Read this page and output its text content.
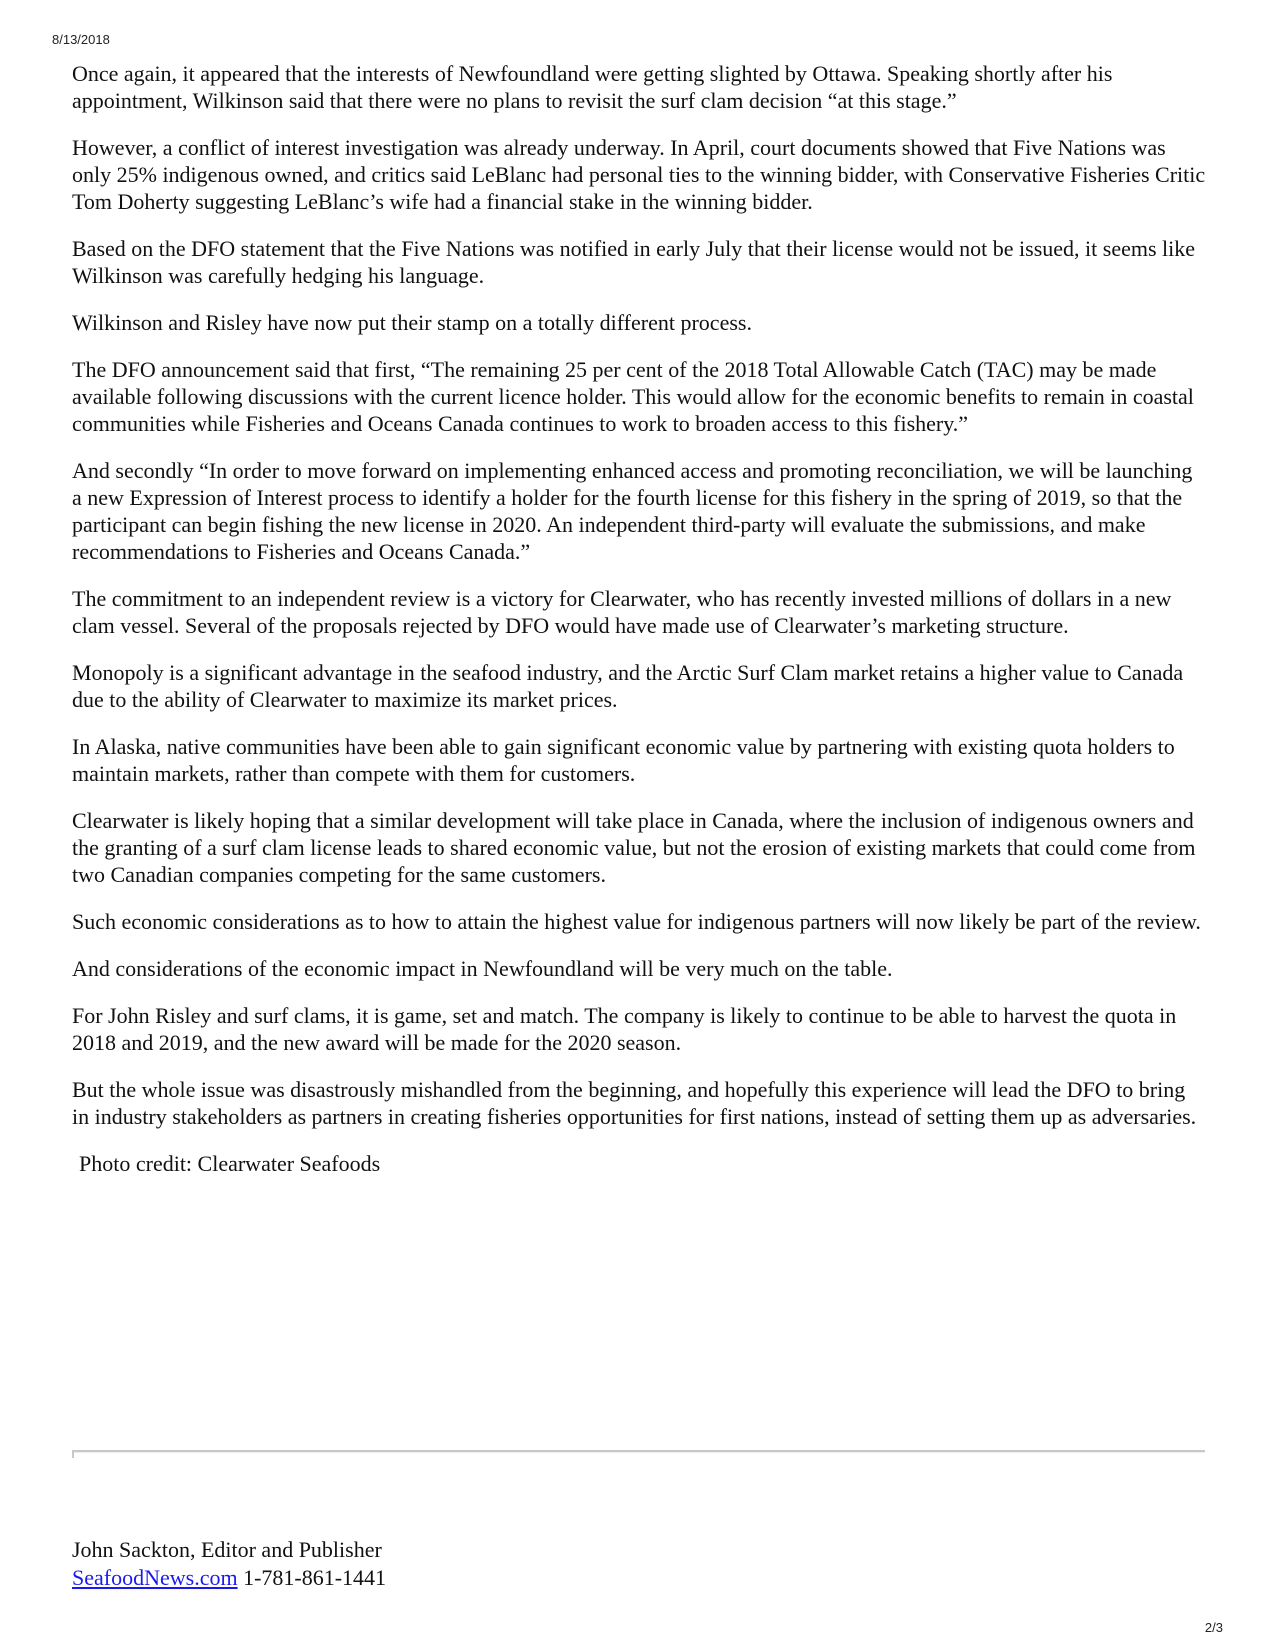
8/13/2018

Once again, it appeared that the interests of Newfoundland were getting slighted by Ottawa. Speaking shortly after his appointment, Wilkinson said that there were no plans to revisit the surf clam decision “at this stage.”

However, a conflict of interest investigation was already underway. In April, court documents showed that Five Nations was only 25% indigenous owned, and critics said LeBlanc had personal ties to the winning bidder, with Conservative Fisheries Critic Tom Doherty suggesting LeBlanc’s wife had a financial stake in the winning bidder.

Based on the DFO statement that the Five Nations was notified in early July that their license would not be issued, it seems like Wilkinson was carefully hedging his language.

Wilkinson and Risley have now put their stamp on a totally different process.

The DFO announcement said that first, “The remaining 25 per cent of the 2018 Total Allowable Catch (TAC) may be made available following discussions with the current licence holder. This would allow for the economic benefits to remain in coastal communities while Fisheries and Oceans Canada continues to work to broaden access to this fishery.”

And secondly “In order to move forward on implementing enhanced access and promoting reconciliation, we will be launching a new Expression of Interest process to identify a holder for the fourth license for this fishery in the spring of 2019, so that the participant can begin fishing the new license in 2020. An independent third-party will evaluate the submissions, and make recommendations to Fisheries and Oceans Canada.”

The commitment to an independent review is a victory for Clearwater, who has recently invested millions of dollars in a new clam vessel. Several of the proposals rejected by DFO would have made use of Clearwater’s marketing structure.

Monopoly is a significant advantage in the seafood industry, and the Arctic Surf Clam market retains a higher value to Canada due to the ability of Clearwater to maximize its market prices.

In Alaska, native communities have been able to gain significant economic value by partnering with existing quota holders to maintain markets, rather than compete with them for customers.

Clearwater is likely hoping that a similar development will take place in Canada, where the inclusion of indigenous owners and the granting of a surf clam license leads to shared economic value, but not the erosion of existing markets that could come from two Canadian companies competing for the same customers.

Such economic considerations as to how to attain the highest value for indigenous partners will now likely be part of the review.

And considerations of the economic impact in Newfoundland will be very much on the table.

For John Risley and surf clams, it is game, set and match. The company is likely to continue to be able to harvest the quota in 2018 and 2019, and the new award will be made for the 2020 season.

But the whole issue was disastrously mishandled from the beginning, and hopefully this experience will lead the DFO to bring in industry stakeholders as partners in creating fisheries opportunities for first nations, instead of setting them up as adversaries.

Photo credit: Clearwater Seafoods

John Sackton, Editor and Publisher
SeafoodNews.com 1-781-861-1441
2/3
